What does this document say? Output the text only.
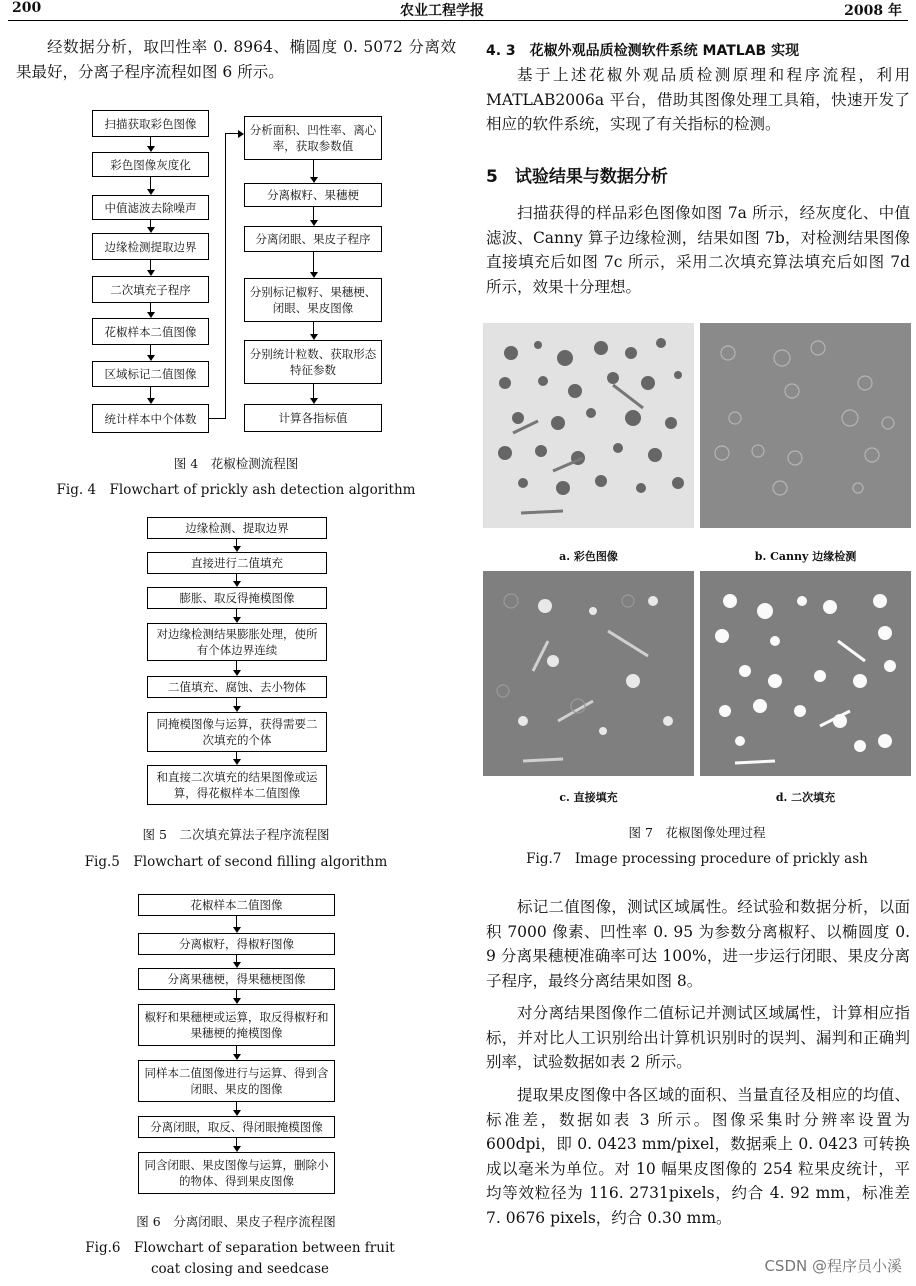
200	农业工程学报	2008 年
经数据分析，取凹性率 0. 8964、椭圆度 0. 5072 分离效果最好，分离子程序流程如图 6 所示。
扫描获取彩色图像
彩色图像灰度化
中值滤波去除噪声
边缘检测提取边界
二次填充子程序
花椒样本二值图像
区域标记二值图像
统计样本中个体数
分析面积、凹性率、离心率，获取参数值
分离椒籽、果穗梗
分离闭眼、果皮子程序
分别标记椒籽、果穗梗、闭眼、果皮图像
分别统计粒数、获取形态特征参数
计算各指标值
图 4　花椒检测流程图
Fig. 4　Flowchart of prickly ash detection algorithm
边缘检测、提取边界
直接进行二值填充
膨胀、取反得掩模图像
对边缘检测结果膨胀处理，使所有个体边界连续
二值填充、腐蚀、去小物体
同掩模图像与运算，获得需要二次填充的个体
和直接二次填充的结果图像或运算，得花椒样本二值图像
图 5　二次填充算法子程序流程图
Fig.5　Flowchart of second filling algorithm
花椒样本二值图像
分离椒籽，得椒籽图像
分离果穗梗，得果穗梗图像
椒籽和果穗梗或运算，取反得椒籽和果穗梗的掩模图像
同样本二值图像进行与运算、得到含闭眼、果皮的图像
分离闭眼，取反、得闭眼掩模图像
同含闭眼、果皮图像与运算，删除小的物体、得到果皮图像
图 6　分离闭眼、果皮子程序流程图
Fig.6　Flowchart of separation between fruit coat closing and seedcase
4. 3　花椒外观品质检测软件系统 MATLAB 实现
基于上述花椒外观品质检测原理和程序流程，利用 MATLAB2006a 平台，借助其图像处理工具箱，快速开发了相应的软件系统，实现了有关指标的检测。
5　试验结果与数据分析
扫描获得的样品彩色图像如图 7a 所示，经灰度化、中值滤波、Canny 算子边缘检测，结果如图 7b，对检测结果图像直接填充后如图 7c 所示，采用二次填充算法填充后如图 7d 所示，效果十分理想。
a. 彩色图像	b. Canny 边缘检测
c. 直接填充	d. 二次填充
图 7　花椒图像处理过程
Fig.7　Image processing procedure of prickly ash
标记二值图像，测试区域属性。经试验和数据分析，以面积 7000 像素、凹性率 0. 95 为参数分离椒籽、以椭圆度 0. 9 分离果穗梗准确率可达 100%，进一步运行闭眼、果皮分离子程序，最终分离结果如图 8。
对分离结果图像作二值标记并测试区域属性，计算相应指标，并对比人工识别给出计算机识别时的误判、漏判和正确判别率，试验数据如表 2 所示。
提取果皮图像中各区域的面积、当量直径及相应的均值、标准差，数据如表 3 所示。图像采集时分辨率设置为 600dpi，即 0. 0423 mm/pixel，数据乘上 0. 0423 可转换成以毫米为单位。对 10 幅果皮图像的 254 粒果皮统计，平均等效粒径为 116. 2731pixels，约合 4. 92 mm，标准差 7. 0676 pixels，约合 0.30 mm。
CSDN @程序员小溪
